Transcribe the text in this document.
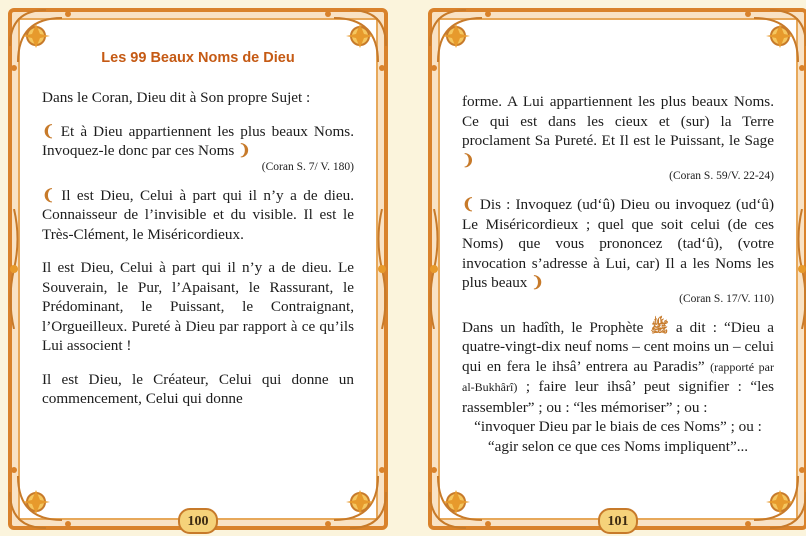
Les 99 Beaux Noms de Dieu

Dans le Coran, Dieu dit à Son propre Sujet :

❨ Et à Dieu appartiennent les plus beaux Noms. Invoquez-le donc par ces Noms ❩

(Coran S. 7/ V. 180)

❨ Il est Dieu, Celui à part qui il n’y a de dieu. Connaisseur de l’invisible et du visible. Il est le Très-Clément, le Miséricordieux.

Il est Dieu, Celui à part qui il n’y a de dieu. Le Souverain, le Pur, l’Apaisant, le Rassurant, le Prédominant, le Puissant, le Contraignant, l’Orgueilleux. Pureté à Dieu par rapport à ce qu’ils Lui associent !

Il est Dieu, le Créateur, Celui qui donne un commencement, Celui qui donne

100

forme. A Lui appartiennent les plus beaux Noms. Ce qui est dans les cieux et (sur) la Terre proclament Sa Pureté. Et Il est le Puissant, le Sage ❩

(Coran S. 59/V. 22-24)

❨ Dis : Invoquez (ud‘û) Dieu ou invoquez (ud‘û) Le Miséricordieux ; quel que soit celui (de ces Noms) que vous prononcez (tad‘û), (votre invocation s’adresse à Lui, car) Il a les Noms les plus beaux ❩

(Coran S. 17/V. 110)

Dans un hadîth, le Prophète ﷺ a dit : “Dieu a quatre-vingt-dix neuf noms – cent moins un – celui qui en fera le ihsâ’ entrera au Paradis” (rapporté par al-Bukhârî) ; faire leur ihsâ’ peut signifier : “les rassembler” ; ou : “les mémoriser” ; ou :

“invoquer Dieu par le biais de ces Noms” ; ou : “agir selon ce que ces Noms impliquent”...

101
